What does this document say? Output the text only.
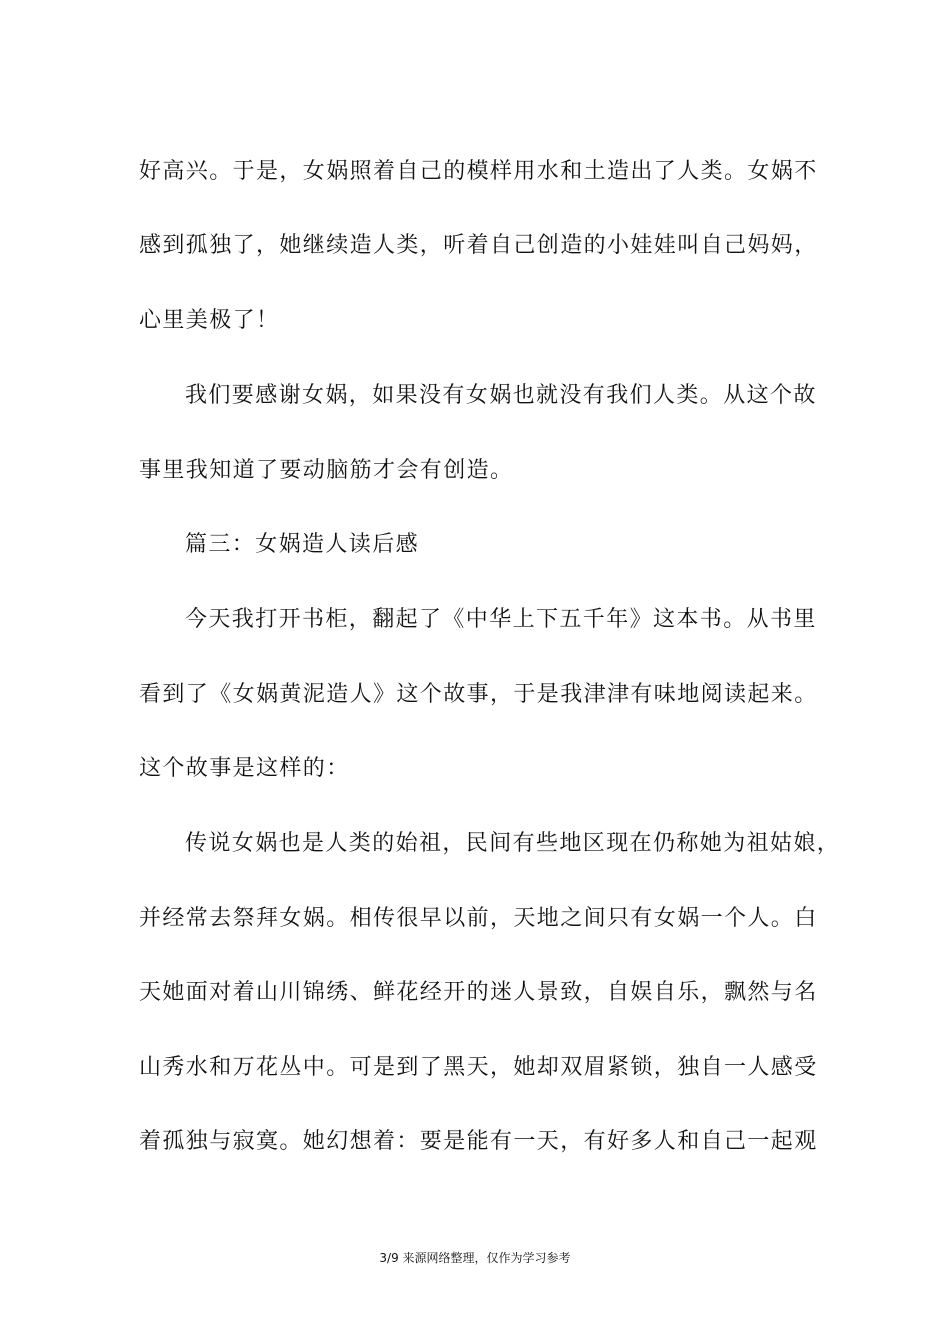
好高兴。于是，女娲照着自己的模样用水和土造出了人类。女娲不
感到孤独了，她继续造人类，听着自己创造的小娃娃叫自己妈妈，
心里美极了！
我们要感谢女娲，如果没有女娲也就没有我们人类。从这个故
事里我知道了要动脑筋才会有创造。
篇三：女娲造人读后感
今天我打开书柜，翻起了《中华上下五千年》这本书。从书里
看到了《女娲黄泥造人》这个故事，于是我津津有味地阅读起来。
这个故事是这样的：
传说女娲也是人类的始祖，民间有些地区现在仍称她为祖姑娘，
并经常去祭拜女娲。相传很早以前，天地之间只有女娲一个人。白
天她面对着山川锦绣、鲜花经开的迷人景致，自娱自乐，飘然与名
山秀水和万花丛中。可是到了黑天，她却双眉紧锁，独自一人感受
着孤独与寂寞。她幻想着：要是能有一天，有好多人和自己一起观
3/9 来源网络整理，仅作为学习参考
